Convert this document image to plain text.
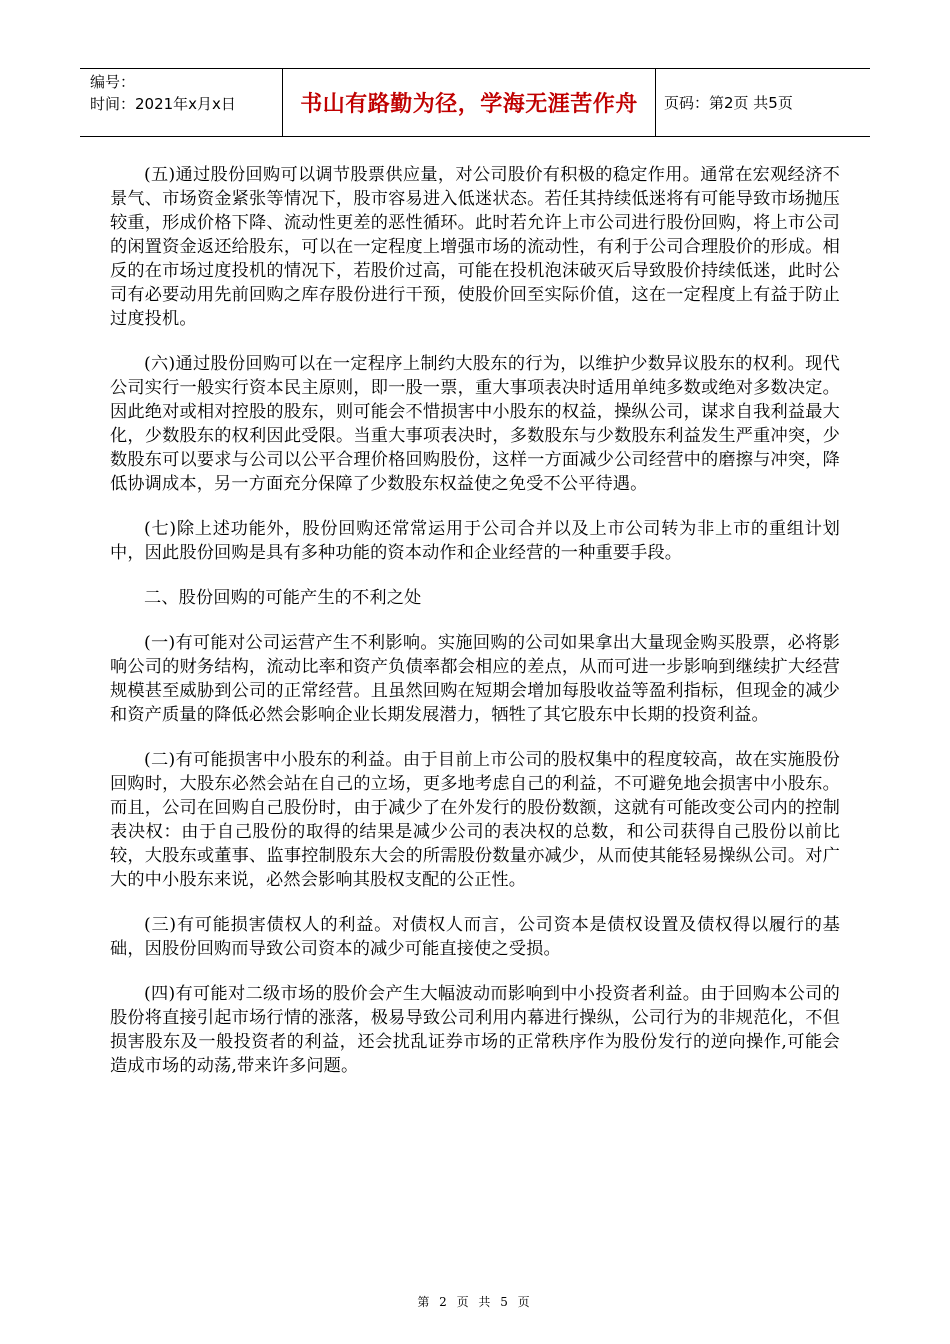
编号：
时间：2021年x月x日	书山有路勤为径，学海无涯苦作舟 页码：第2页 共5页

(五)通过股份回购可以调节股票供应量，对公司股价有积极的稳定作用。通常在宏观经济不景气、市场资金紧张等情况下，股市容易进入低迷状态。若任其持续低迷将有可能导致市场抛压较重，形成价格下降、流动性更差的恶性循环。此时若允许上市公司进行股份回购，将上市公司的闲置资金返还给股东，可以在一定程度上增强市场的流动性，有利于公司合理股价的形成。相反的在市场过度投机的情况下，若股价过高，可能在投机泡沫破灭后导致股价持续低迷，此时公司有必要动用先前回购之库存股份进行干预，使股价回至实际价值，这在一定程度上有益于防止过度投机。

(六)通过股份回购可以在一定程序上制约大股东的行为，以维护少数异议股东的权利。现代公司实行一般实行资本民主原则，即一股一票，重大事项表决时适用单纯多数或绝对多数决定。因此绝对或相对控股的股东，则可能会不惜损害中小股东的权益，操纵公司，谋求自我利益最大化，少数股东的权利因此受限。当重大事项表决时，多数股东与少数股东利益发生严重冲突，少数股东可以要求与公司以公平合理价格回购股份，这样一方面减少公司经营中的磨擦与冲突，降低协调成本，另一方面充分保障了少数股东权益使之免受不公平待遇。

(七)除上述功能外，股份回购还常常运用于公司合并以及上市公司转为非上市的重组计划中，因此股份回购是具有多种功能的资本动作和企业经营的一种重要手段。

二、股份回购的可能产生的不利之处

(一)有可能对公司运营产生不利影响。实施回购的公司如果拿出大量现金购买股票，必将影响公司的财务结构，流动比率和资产负债率都会相应的差点，从而可进一步影响到继续扩大经营规模甚至威胁到公司的正常经营。且虽然回购在短期会增加每股收益等盈利指标，但现金的减少和资产质量的降低必然会影响企业长期发展潜力，牺牲了其它股东中长期的投资利益。

(二)有可能损害中小股东的利益。由于目前上市公司的股权集中的程度较高，故在实施股份回购时，大股东必然会站在自己的立场，更多地考虑自己的利益，不可避免地会损害中小股东。而且，公司在回购自己股份时，由于减少了在外发行的股份数额，这就有可能改变公司内的控制表决权：由于自己股份的取得的结果是减少公司的表决权的总数，和公司获得自己股份以前比较，大股东或董事、监事控制股东大会的所需股份数量亦减少，从而使其能轻易操纵公司。对广大的中小股东来说，必然会影响其股权支配的公正性。

(三)有可能损害债权人的利益。对债权人而言，公司资本是债权设置及债权得以履行的基础，因股份回购而导致公司资本的减少可能直接使之受损。

(四)有可能对二级市场的股价会产生大幅波动而影响到中小投资者利益。由于回购本公司的股份将直接引起市场行情的涨落，极易导致公司利用内幕进行操纵，公司行为的非规范化，不但损害股东及一般投资者的利益，还会扰乱证券市场的正常秩序作为股份发行的逆向操作,可能会造成市场的动荡,带来许多问题。

第 2 页 共 5 页
